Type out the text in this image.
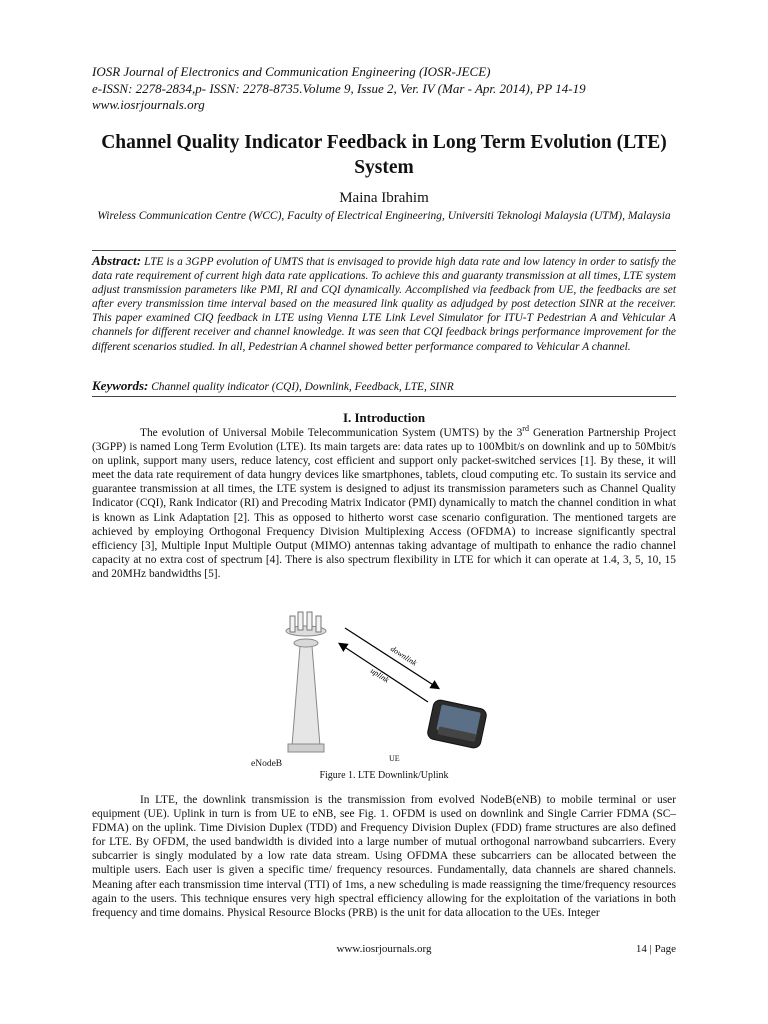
IOSR Journal of Electronics and Communication Engineering (IOSR-JECE)
e-ISSN: 2278-2834,p- ISSN: 2278-8735.Volume 9, Issue 2, Ver. IV (Mar - Apr. 2014), PP 14-19
www.iosrjournals.org
Channel Quality Indicator Feedback in Long Term Evolution (LTE) System
Maina Ibrahim
Wireless Communication Centre (WCC), Faculty of Electrical Engineering, Universiti Teknologi Malaysia (UTM), Malaysia
Abstract: LTE is a 3GPP evolution of UMTS that is envisaged to provide high data rate and low latency in order to satisfy the data rate requirement of current high data rate applications. To achieve this and guaranty transmission at all times, LTE system adjust transmission parameters like PMI, RI and CQI dynamically. Accomplished via feedback from UE, the feedbacks are set after every transmission time interval based on the measured link quality as adjudged by post detection SINR at the receiver. This paper examined CIQ feedback in LTE using Vienna LTE Link Level Simulator for ITU-T Pedestrian A and Vehicular A channels for different receiver and channel knowledge. It was seen that CQI feedback brings performance improvement for the different scenarios studied. In all, Pedestrian A channel showed better performance compared to Vehicular A channel.
Keywords: Channel quality indicator (CQI), Downlink, Feedback, LTE, SINR
I. Introduction
The evolution of Universal Mobile Telecommunication System (UMTS) by the 3rd Generation Partnership Project (3GPP) is named Long Term Evolution (LTE). Its main targets are: data rates up to 100Mbit/s on downlink and up to 50Mbit/s on uplink, support many users, reduce latency, cost efficient and support only packet-switched services [1]. By these, it will meet the data rate requirement of data hungry devices like smartphones, tablets, cloud computing etc. To sustain its service and guarantee transmission at all times, the LTE system is designed to adjust its transmission parameters such as Channel Quality Indicator (CQI), Rank Indicator (RI) and Precoding Matrix Indicator (PMI) dynamically to match the channel condition in what is known as Link Adaptation [2]. This as opposed to hitherto worst case scenario configuration. The mentioned targets are achieved by employing Orthogonal Frequency Division Multiplexing Access (OFDMA) to increase significantly spectral efficiency [3], Multiple Input Multiple Output (MIMO) antennas taking advantage of multipath to enhance the radio channel capacity at no extra cost of spectrum [4]. There is also spectrum flexibility in LTE for which it can operate at 1.4, 3, 5, 10, 15 and 20MHz bandwidths [5].
downlink
uplink
eNodeB
UE
Figure 1. LTE Downlink/Uplink
In LTE, the downlink transmission is the transmission from evolved NodeB(eNB) to mobile terminal or user equipment (UE). Uplink in turn is from UE to eNB, see Fig. 1. OFDM is used on downlink and Single Carrier FDMA (SC–FDMA) on the uplink. Time Division Duplex (TDD) and Frequency Division Duplex (FDD) frame structures are also defined for LTE. By OFDM, the used bandwidth is divided into a large number of mutual orthogonal narrowband subcarriers. Every subcarrier is singly modulated by a low rate data stream. Using OFDMA these subcarriers can be allocated between the multiple users. Each user is given a specific time/ frequency resources. Fundamentally, data channels are shared channels. Meaning after each transmission time interval (TTI) of 1ms, a new scheduling is made reassigning the time/frequency resources again to the users. This technique ensures very high spectral efficiency allowing for the exploitation of the variations in both frequency and time domains. Physical Resource Blocks (PRB) is the unit for data allocation to the UEs. Integer
www.iosrjournals.org	14 | Page
